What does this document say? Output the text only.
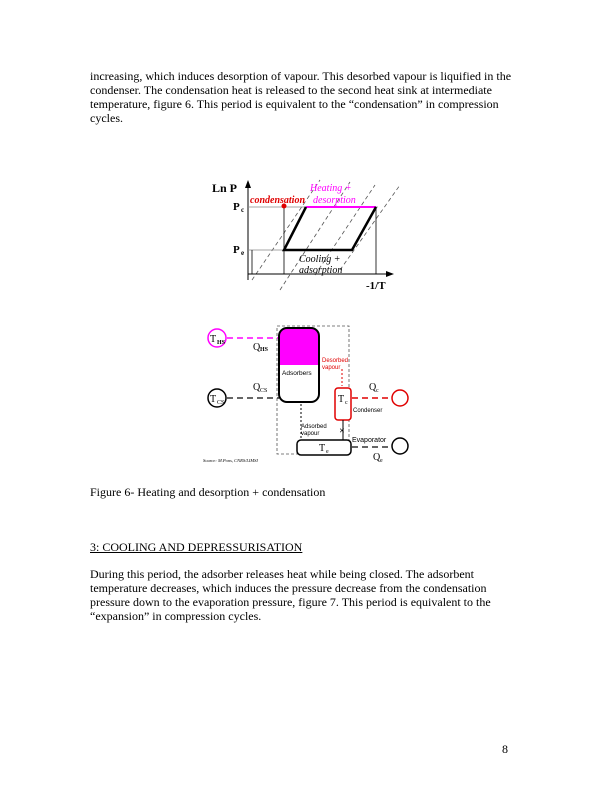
increasing, which induces desorption of vapour. This desorbed vapour is liquified in the condenser. The condensation heat is released to the second heat sink at intermediate temperature, figure 6. This period is equivalent to the “condensation” in compression cycles.

Ln P
P c
P e
condensation
Heating +
desorption
Cooling +
adsorption
-1/T
T HS	Q HS
T CS
Q CS
Adsorbers
Desorbed
vapour
T c
Q c
Condenser
✕
Adsorbed
vapour
T e
Evaporator
Q e
Source: M.Pons, CNRS/LIMSI
Figure 6- Heating and desorption + condensation
3: COOLING AND DEPRESSURISATION

During this period, the adsorber releases heat while being closed. The adsorbent temperature decreases, which induces the pressure decrease from the condensation pressure down to the evaporation pressure, figure 7. This period is equivalent to the “expansion” in compression cycles.

8
